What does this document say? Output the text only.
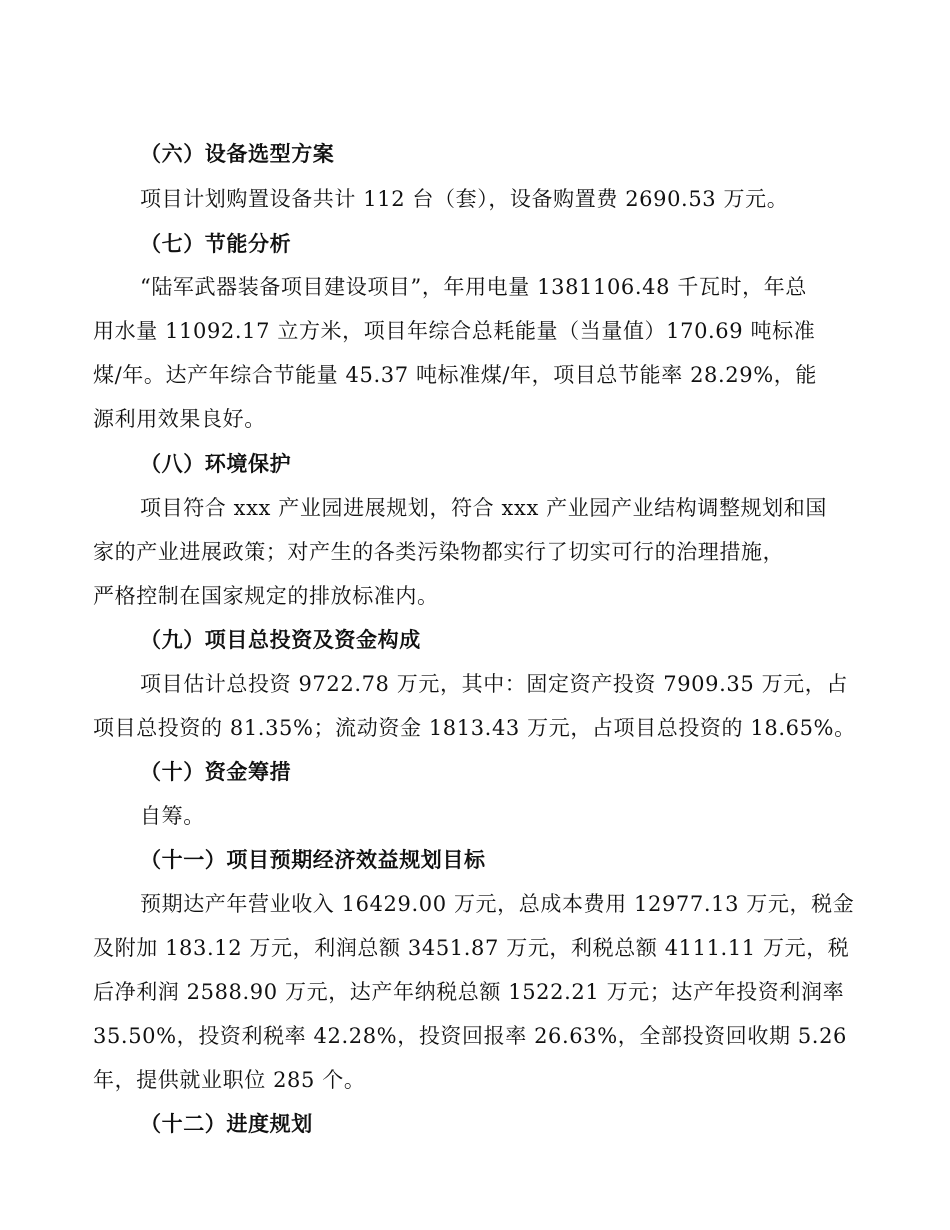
（六）设备选型方案
项目计划购置设备共计 112 台（套），设备购置费 2690.53 万元。
（七）节能分析
“陆军武器装备项目建设项目”，年用电量 1381106.48 千瓦时，年总
用水量 11092.17 立方米，项目年综合总耗能量（当量值）170.69 吨标准
煤/年。达产年综合节能量 45.37 吨标准煤/年，项目总节能率 28.29%，能
源利用效果良好。
（八）环境保护
项目符合 xxx 产业园进展规划，符合 xxx 产业园产业结构调整规划和国
家的产业进展政策；对产生的各类污染物都实行了切实可行的治理措施，
严格控制在国家规定的排放标准内。
（九）项目总投资及资金构成
项目估计总投资 9722.78 万元，其中：固定资产投资 7909.35 万元，占
项目总投资的 81.35%；流动资金 1813.43 万元，占项目总投资的 18.65%。
（十）资金筹措
自筹。
（十一）项目预期经济效益规划目标
预期达产年营业收入 16429.00 万元，总成本费用 12977.13 万元，税金
及附加 183.12 万元，利润总额 3451.87 万元，利税总额 4111.11 万元，税
后净利润 2588.90 万元，达产年纳税总额 1522.21 万元；达产年投资利润率
35.50%，投资利税率 42.28%，投资回报率 26.63%，全部投资回收期 5.26
年，提供就业职位 285 个。
（十二）进度规划
